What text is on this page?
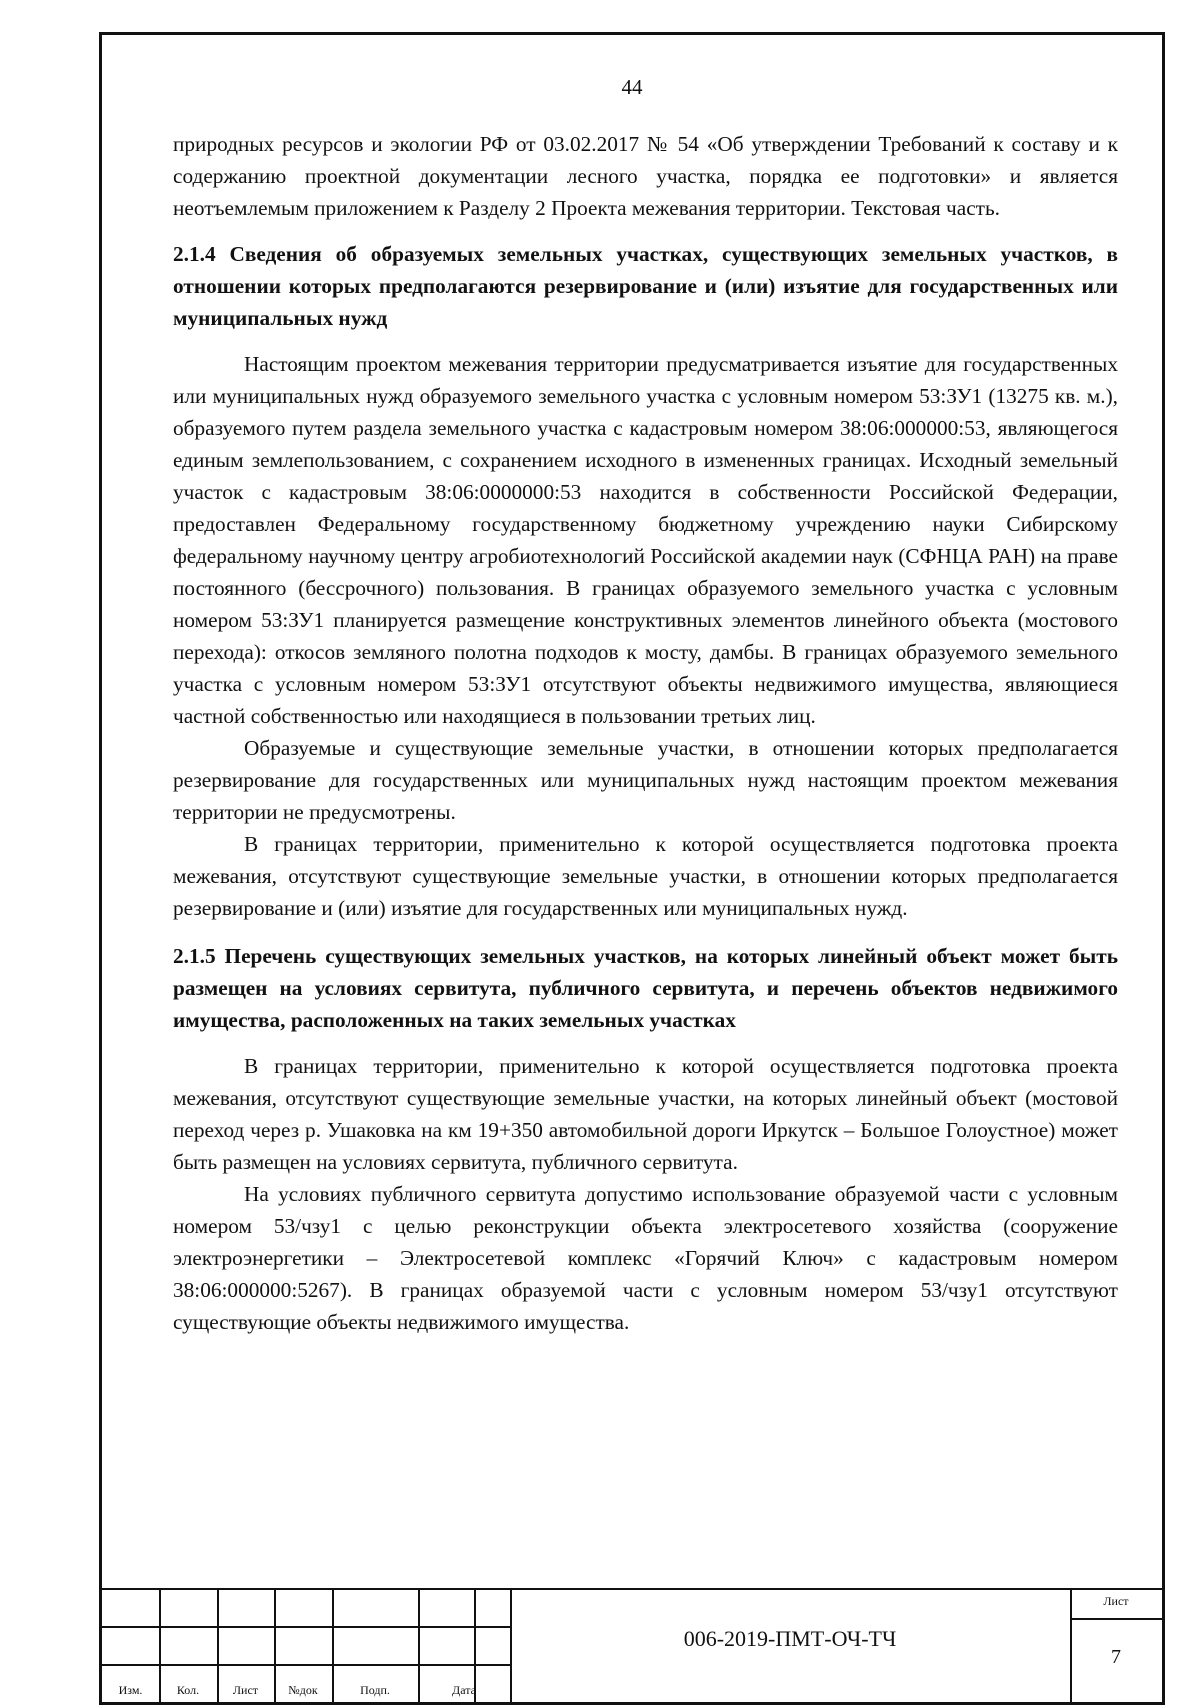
44

природных ресурсов и экологии РФ от 03.02.2017 № 54 «Об утверждении Требований к составу и к содержанию проектной документации лесного участка, порядка ее подготовки» и является неотъемлемым приложением к Разделу 2 Проекта межевания территории. Текстовая часть.

2.1.4 Сведения об образуемых земельных участках, существующих земельных участков, в отношении которых предполагаются резервирование и (или) изъятие для государственных или муниципальных нужд

Настоящим проектом межевания территории предусматривается изъятие для государственных или муниципальных нужд образуемого земельного участка с условным номером 53:ЗУ1 (13275 кв. м.), образуемого путем раздела земельного участка с кадастровым номером 38:06:000000:53, являющегося единым землепользованием, с сохранением исходного в измененных границах. Исходный земельный участок с кадастровым 38:06:0000000:53 находится в собственности Российской Федерации, предоставлен Федеральному государственному бюджетному учреждению науки Сибирскому федеральному научному центру агробиотехнологий Российской академии наук (СФНЦА РАН) на праве постоянного (бессрочного) пользования. В границах образуемого земельного участка с условным номером 53:ЗУ1 планируется размещение конструктивных элементов линейного объекта (мостового перехода): откосов земляного полотна подходов к мосту, дамбы. В границах образуемого земельного участка с условным номером 53:ЗУ1 отсутствуют объекты недвижимого имущества, являющиеся частной собственностью или находящиеся в пользовании третьих лиц.

Образуемые и существующие земельные участки, в отношении которых предполагается резервирование для государственных или муниципальных нужд настоящим проектом межевания территории не предусмотрены.

В границах территории, применительно к которой осуществляется подготовка проекта межевания, отсутствуют существующие земельные участки, в отношении которых предполагается резервирование и (или) изъятие для государственных или муниципальных нужд.

2.1.5 Перечень существующих земельных участков, на которых линейный объект может быть размещен на условиях сервитута, публичного сервитута, и перечень объектов недвижимого имущества, расположенных на таких земельных участках

В границах территории, применительно к которой осуществляется подготовка проекта межевания, отсутствуют существующие земельные участки, на которых линейный объект (мостовой переход через р. Ушаковка на км 19+350 автомобильной дороги Иркутск – Большое Голоустное) может быть размещен на условиях сервитута, публичного сервитута.

На условиях публичного сервитута допустимо использование образуемой части с условным номером 53/чзу1 с целью реконструкции объекта электросетевого хозяйства (сооружение электроэнергетики – Электросетевой комплекс «Горячий Ключ» с кадастровым номером 38:06:000000:5267). В границах образуемой части с условным номером 53/чзу1 отсутствуют существующие объекты недвижимого имущества.

Изм.	Кол.	Лист	№док	Подп.	Дата
006-2019-ПМТ-ОЧ-ТЧ
Лист
7
